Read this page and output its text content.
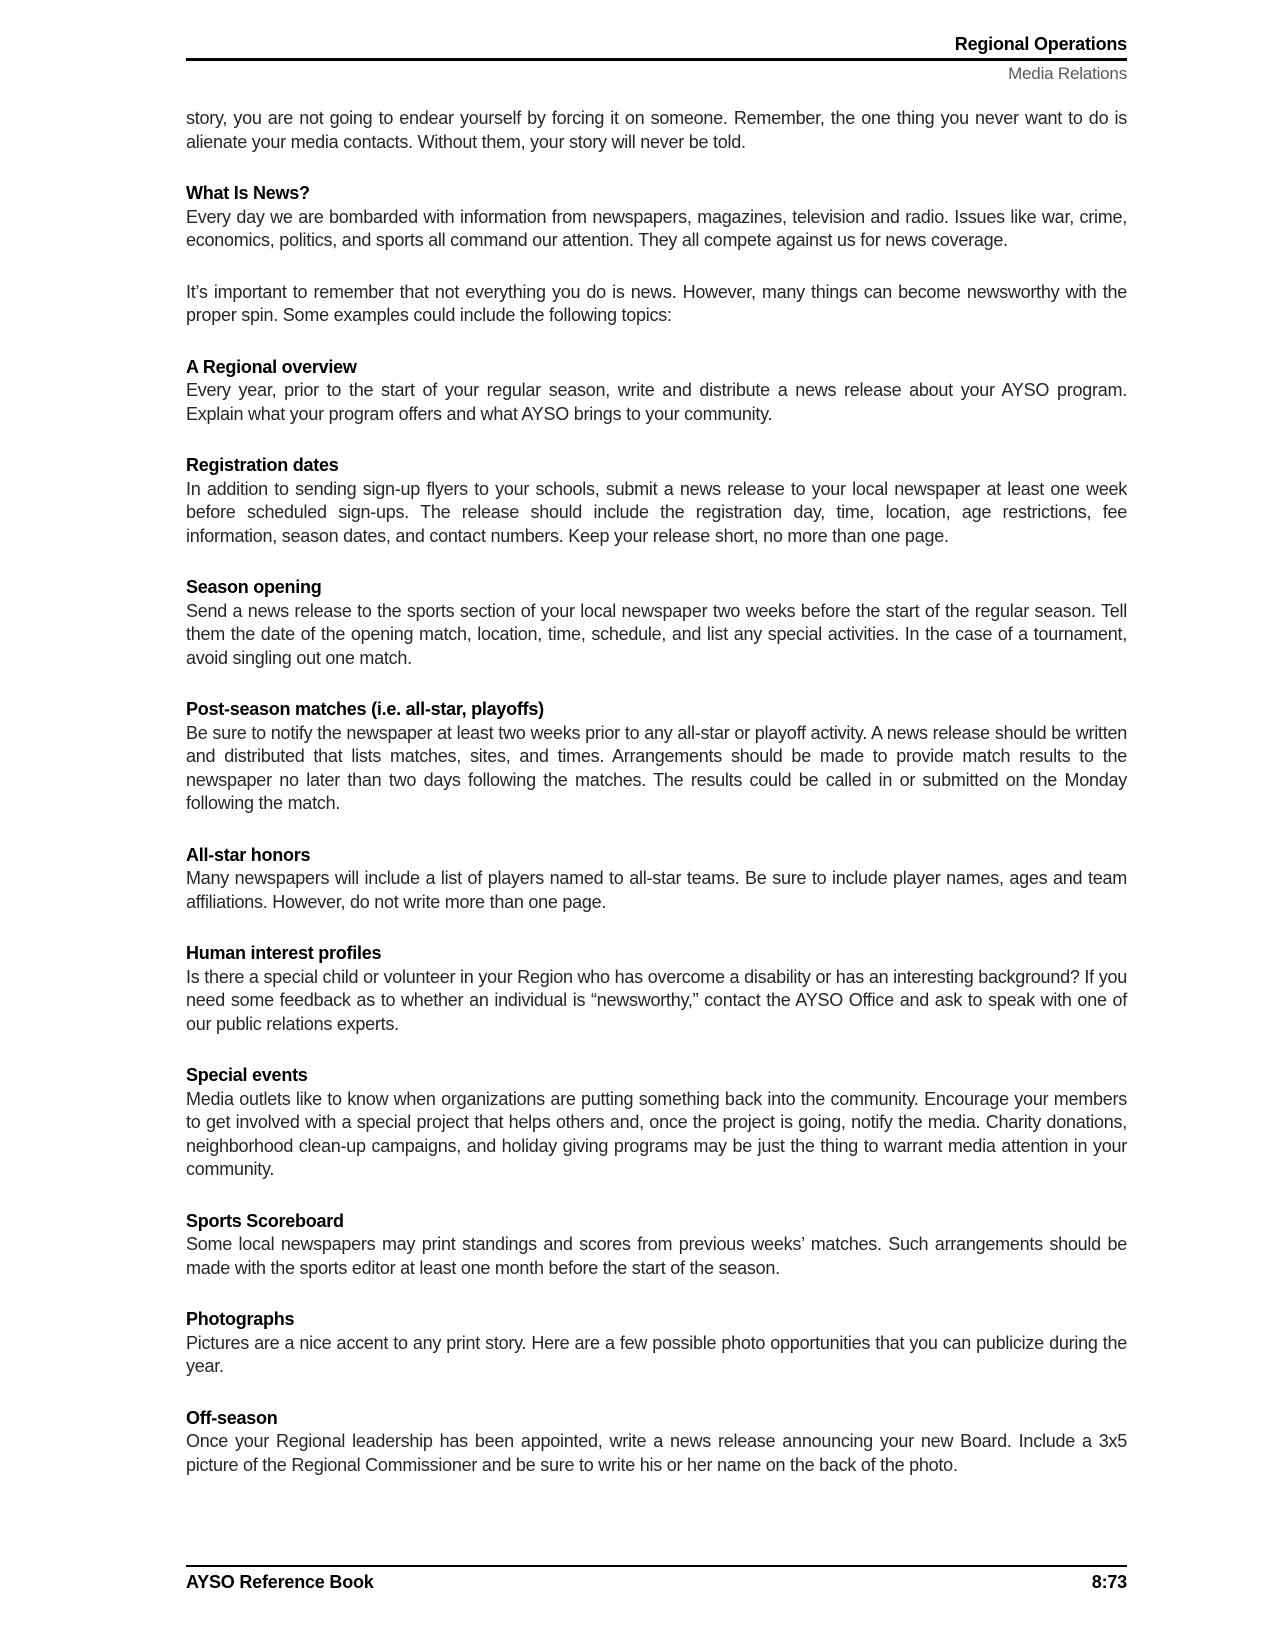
Regional Operations
Media Relations

story, you are not going to endear yourself by forcing it on someone. Remember, the one thing you never want to do is alienate your media contacts. Without them, your story will never be told.

What Is News?

Every day we are bombarded with information from newspapers, magazines, television and radio. Issues like war, crime, economics, politics, and sports all command our attention. They all compete against us for news coverage.

It’s important to remember that not everything you do is news. However, many things can become newsworthy with the proper spin. Some examples could include the following topics:

A Regional overview

Every year, prior to the start of your regular season, write and distribute a news release about your AYSO program. Explain what your program offers and what AYSO brings to your community.

Registration dates

In addition to sending sign-up flyers to your schools, submit a news release to your local newspaper at least one week before scheduled sign-ups. The release should include the registration day, time, location, age restrictions, fee information, season dates, and contact numbers. Keep your release short, no more than one page.

Season opening

Send a news release to the sports section of your local newspaper two weeks before the start of the regular season. Tell them the date of the opening match, location, time, schedule, and list any special activities. In the case of a tournament, avoid singling out one match.

Post-season matches (i.e. all-star, playoffs)

Be sure to notify the newspaper at least two weeks prior to any all-star or playoff activity. A news release should be written and distributed that lists matches, sites, and times. Arrangements should be made to provide match results to the newspaper no later than two days following the matches. The results could be called in or submitted on the Monday following the match.

All-star honors

Many newspapers will include a list of players named to all-star teams. Be sure to include player names, ages and team affiliations. However, do not write more than one page.

Human interest profiles

Is there a special child or volunteer in your Region who has overcome a disability or has an interesting background? If you need some feedback as to whether an individual is “newsworthy,” contact the AYSO Office and ask to speak with one of our public relations experts.

Special events

Media outlets like to know when organizations are putting something back into the community. Encourage your members to get involved with a special project that helps others and, once the project is going, notify the media. Charity donations, neighborhood clean-up campaigns, and holiday giving programs may be just the thing to warrant media attention in your community.

Sports Scoreboard

Some local newspapers may print standings and scores from previous weeks’ matches. Such arrangements should be made with the sports editor at least one month before the start of the season.

Photographs

Pictures are a nice accent to any print story. Here are a few possible photo opportunities that you can publicize during the year.

Off-season

Once your Regional leadership has been appointed, write a news release announcing your new Board. Include a 3x5 picture of the Regional Commissioner and be sure to write his or her name on the back of the photo.

AYSO Reference Book	8:73
